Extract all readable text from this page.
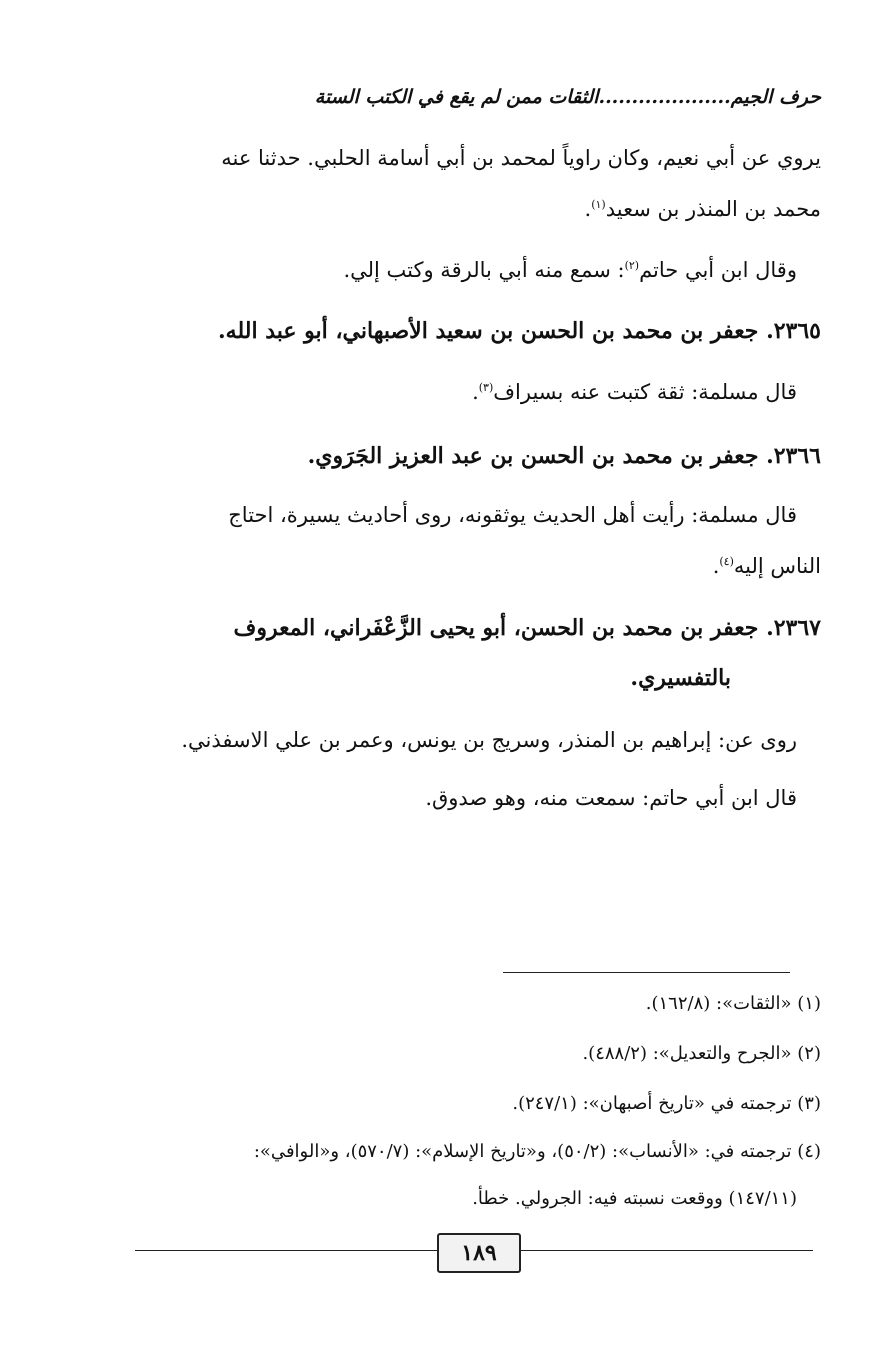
حرف الجيم....................الثقات ممن لم يقع في الكتب الستة
يروي عن أبي نعيم، وكان راوياً لمحمد بن أبي أسامة الحلبي. حدثنا عنه
محمد بن المنذر بن سعيد$^{(١)}$.
وقال ابن أبي حاتم$^{(٢)}$: سمع منه أبي بالرقة وكتب إلي.
٢٣٦٥. جعفر بن محمد بن الحسن بن سعيد الأصبهاني، أبو عبد الله.
قال مسلمة: ثقة كتبت عنه بسيراف$^{(٣)}$.
٢٣٦٦. جعفر بن محمد بن الحسن بن عبد العزيز الجَرَوي.
قال مسلمة: رأيت أهل الحديث يوثقونه، روى أحاديث يسيرة، احتاج
الناس إليه$^{(٤)}$.
٢٣٦٧. جعفر بن محمد بن الحسن، أبو يحيى الزَّعْفَراني، المعروف
بالتفسيري.
روى عن: إبراهيم بن المنذر، وسريج بن يونس، وعمر بن علي الاسفذني.
قال ابن أبي حاتم: سمعت منه، وهو صدوق.
(١) «الثقات»: (١٦٢/٨).
(٢) «الجرح والتعديل»: (٤٨٨/٢).
(٣) ترجمته في «تاريخ أصبهان»: (٢٤٧/١).
(٤) ترجمته في: «الأنساب»: (٥٠/٢)، و«تاريخ الإسلام»: (٥٧٠/٧)، و«الوافي»:
(١٤٧/١١) ووقعت نسبته فيه: الجرولي. خطأ.
١٨٩
